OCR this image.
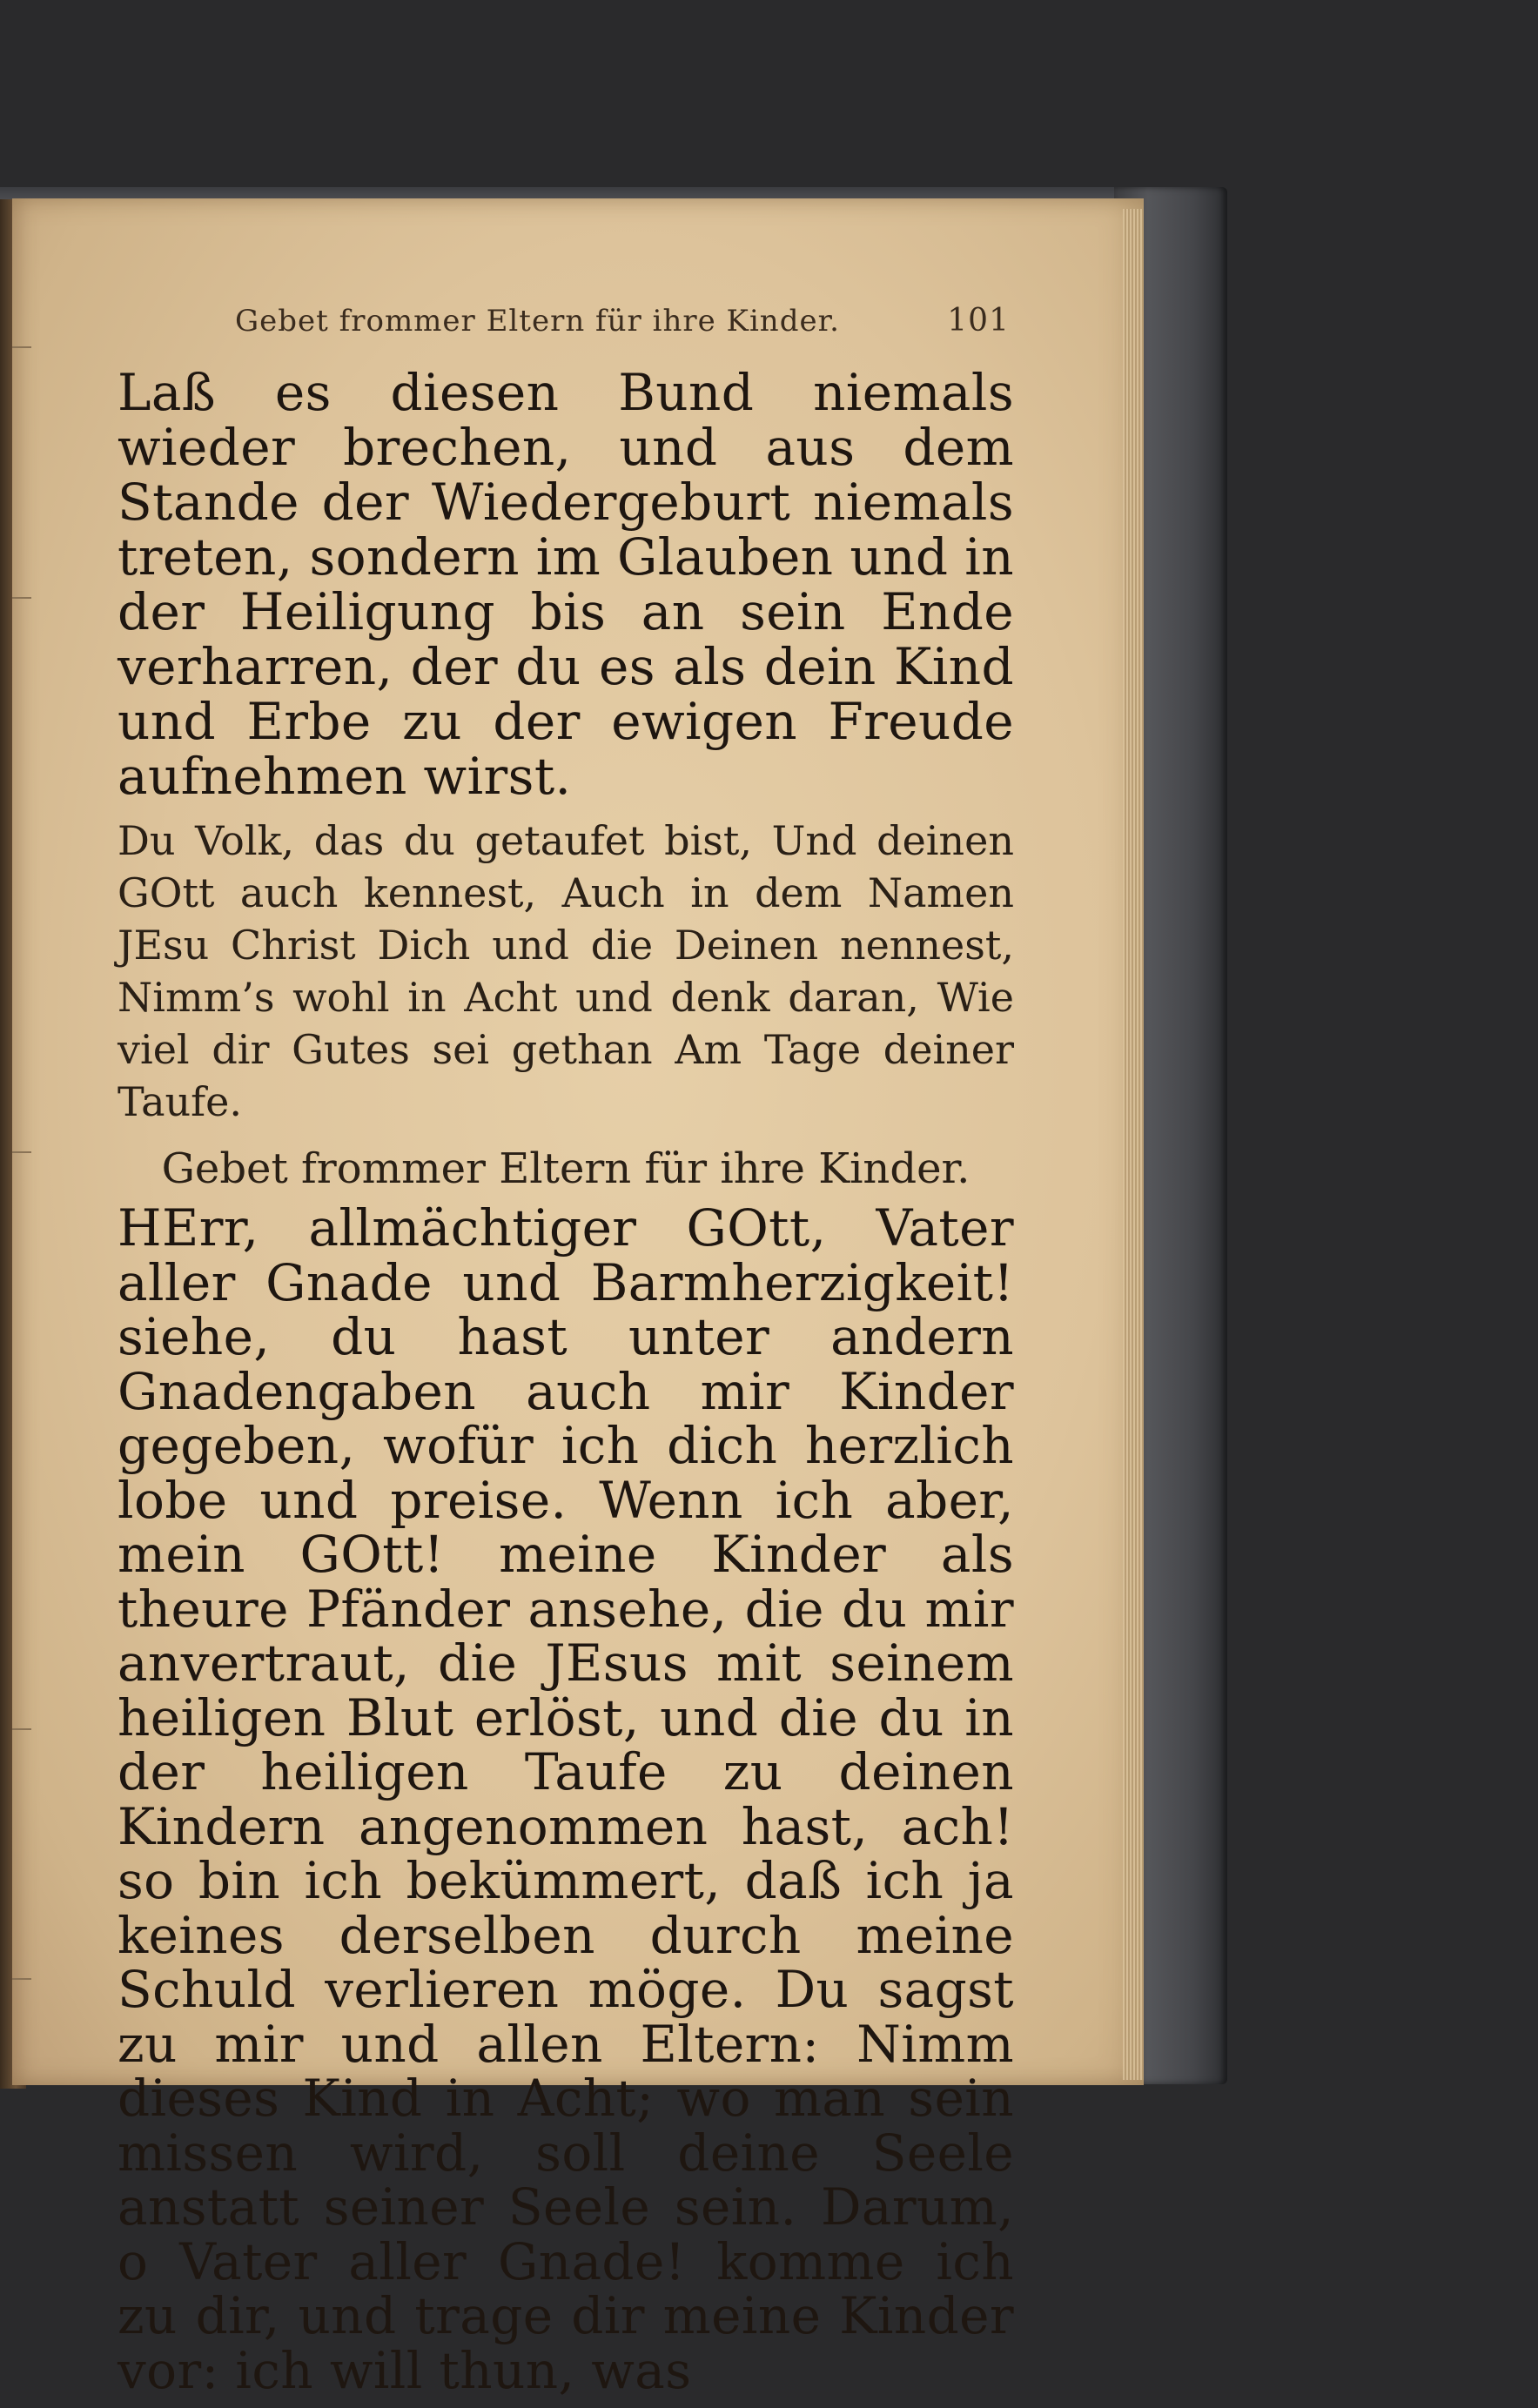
Gebet frommer Eltern für ihre Kinder.	101

Laß es diesen Bund niemals wieder brechen, und aus dem Stande der Wiedergeburt niemals treten, sondern im Glauben und in der Heiligung bis an sein Ende verharren, der du es als dein Kind und Erbe zu der ewigen Freude aufnehmen wirst.

Du Volk, das du getaufet bist, Und deinen GOtt auch kennest, Auch in dem Namen JEsu Christ Dich und die Deinen nennest, Nimm’s wohl in Acht und denk daran, Wie viel dir Gutes sei gethan Am Tage deiner Taufe.

Gebet frommer Eltern für ihre Kinder.

HErr, allmächtiger GOtt, Vater aller Gnade und Barmherzigkeit! siehe, du hast unter andern Gnadengaben auch mir Kinder gegeben, wofür ich dich herzlich lobe und preise. Wenn ich aber, mein GOtt! meine Kinder als theure Pfänder ansehe, die du mir anvertraut, die JEsus mit seinem heiligen Blut erlöst, und die du in der heiligen Taufe zu deinen Kindern angenommen hast, ach! so bin ich bekümmert, daß ich ja keines derselben durch meine Schuld verlieren möge. Du sagst zu mir und allen Eltern: Nimm dieses Kind in Acht; wo man sein missen wird, soll deine Seele anstatt seiner Seele sein. Darum, o Vater aller Gnade! komme ich zu dir, und trage dir meine Kinder vor: ich will thun, was
